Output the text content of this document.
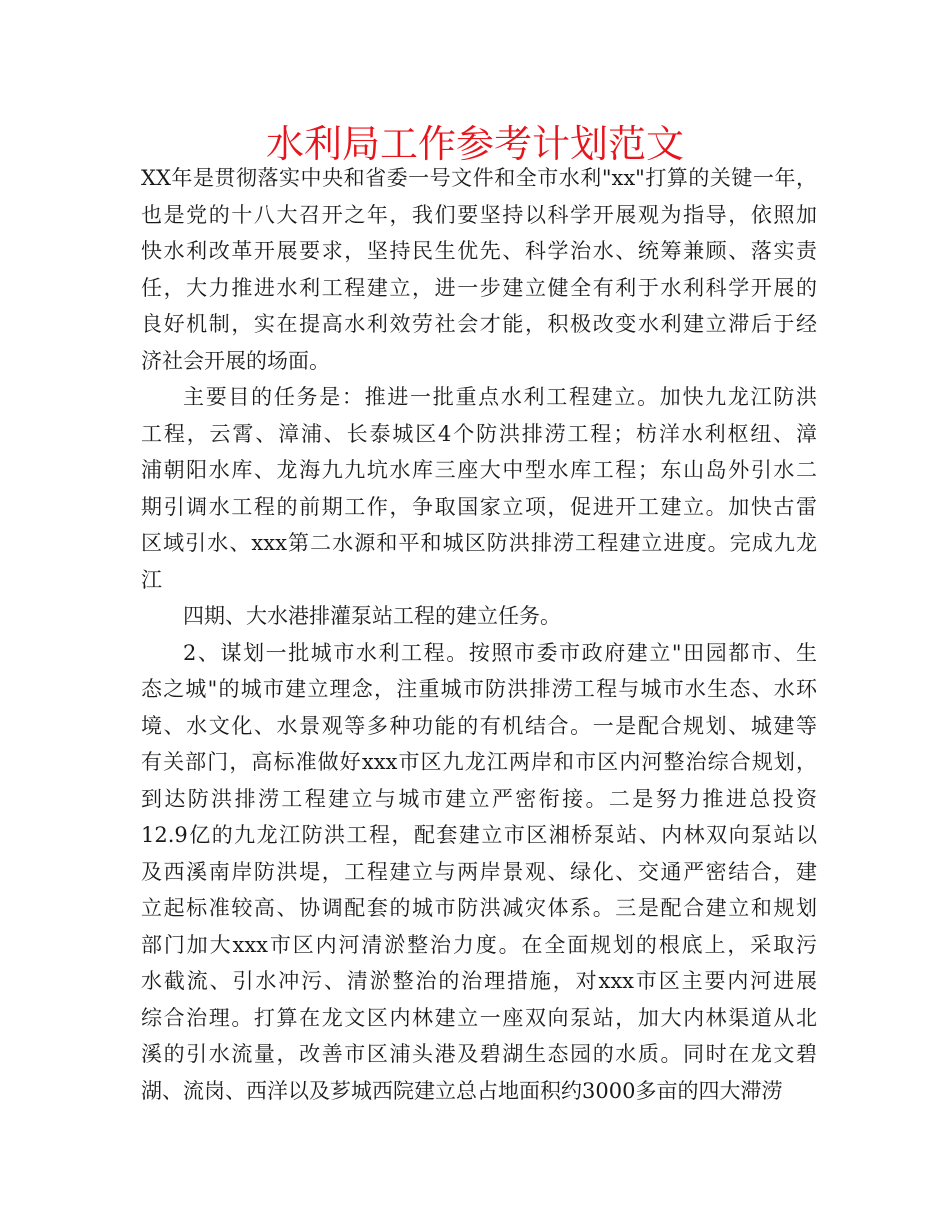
水利局工作参考计划范文
XX年是贯彻落实中央和省委一号文件和全市水利"xx"打算的关键一年，
也是党的十八大召开之年，我们要坚持以科学开展观为指导，依照加
快水利改革开展要求，坚持民生优先、科学治水、统筹兼顾、落实责
任，大力推进水利工程建立，进一步建立健全有利于水利科学开展的
良好机制，实在提高水利效劳社会才能，积极改变水利建立滞后于经
济社会开展的场面。
主要目的任务是：推进一批重点水利工程建立。加快九龙江防洪
工程，云霄、漳浦、长泰城区4个防洪排涝工程；枋洋水利枢纽、漳
浦朝阳水库、龙海九九坑水库三座大中型水库工程；东山岛外引水二
期引调水工程的前期工作，争取国家立项，促进开工建立。加快古雷
区域引水、xxx第二水源和平和城区防洪排涝工程建立进度。完成九龙
江
四期、大水港排灌泵站工程的建立任务。
2、谋划一批城市水利工程。按照市委市政府建立"田园都市、生
态之城"的城市建立理念，注重城市防洪排涝工程与城市水生态、水环
境、水文化、水景观等多种功能的有机结合。一是配合规划、城建等
有关部门，高标准做好xxx市区九龙江两岸和市区内河整治综合规划，
到达防洪排涝工程建立与城市建立严密衔接。二是努力推进总投资
12.9亿的九龙江防洪工程，配套建立市区湘桥泵站、内林双向泵站以
及西溪南岸防洪堤，工程建立与两岸景观、绿化、交通严密结合，建
立起标准较高、协调配套的城市防洪减灾体系。三是配合建立和规划
部门加大xxx市区内河清淤整治力度。在全面规划的根底上，采取污
水截流、引水冲污、清淤整治的治理措施，对xxx市区主要内河进展
综合治理。打算在龙文区内林建立一座双向泵站，加大内林渠道从北
溪的引水流量，改善市区浦头港及碧湖生态园的水质。同时在龙文碧
湖、流岗、西洋以及芗城西院建立总占地面积约3000多亩的四大滞涝
